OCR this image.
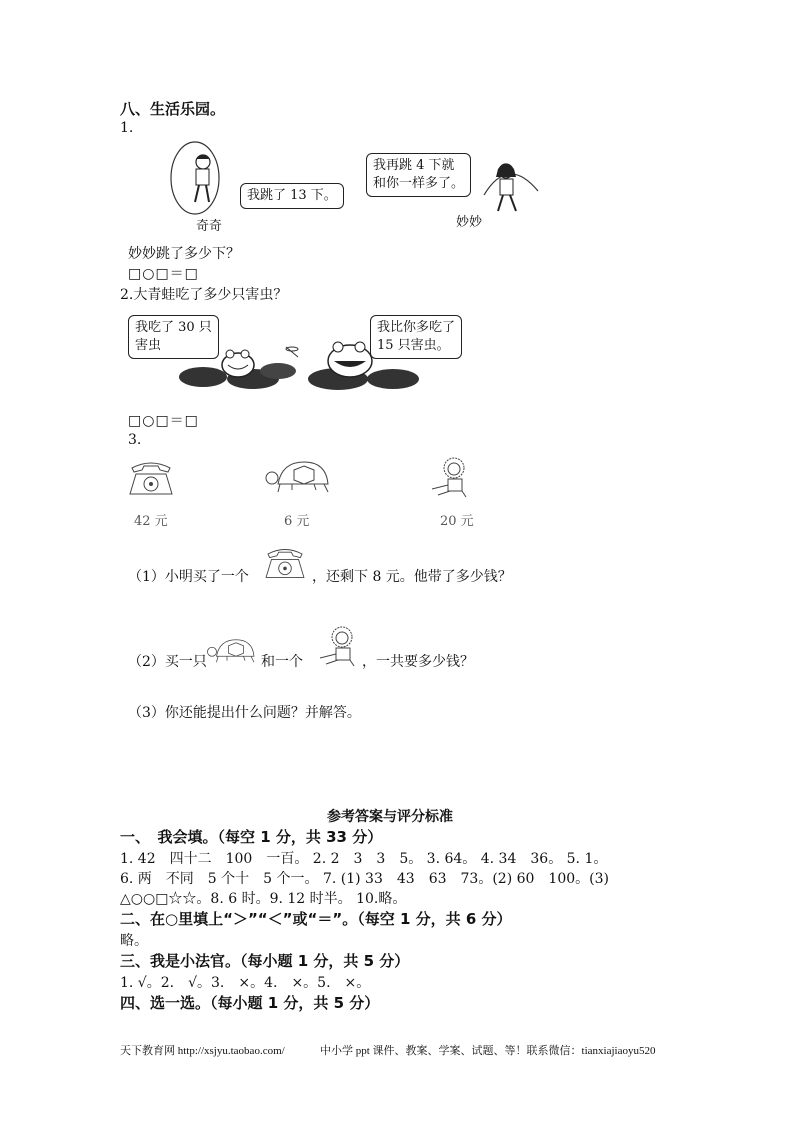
八、生活乐园。
1.
我跳了 13 下。
奇奇
我再跳 4 下就
和你一样多了。
妙妙
妙妙跳了多少下？
□○□＝□
2.大青蛙吃了多少只害虫？
我吃了 30 只
害虫
我比你多吃了
15 只害虫。
□○□＝□
3.
42 元	6 元	20 元
（1）小明买了一个	，还剩下 8 元。他带了多少钱？
（2）买一只	和一个	，一共要多少钱？
（3）你还能提出什么问题？并解答。
参考答案与评分标准
一、　我会填。（每空 1 分，共 33 分）
1. 42　四十二　100　一百。 2. 2　3　3　5。 3. 64。 4. 34　36。 5. 1。
6. 两　不同　5 个十　5 个一。 7. (1) 33　43　63　73。(2) 60　100。(3)
△○○□☆☆。8. 6 时。9. 12 时半。 10.略。
二、在○里填上“＞”“＜”或“＝”。（每空 1 分，共 6 分）
略。
三、我是小法官。（每小题 1 分，共 5 分）
1. √。2.　√。3.　×。4.　×。5.　×。
四、选一选。（每小题 1 分，共 5 分）
天下教育网 http://xsjyu.taobao.com/	中小学 ppt 课件、教案、学案、试题、等！联系微信：tianxiajiaoyu520
